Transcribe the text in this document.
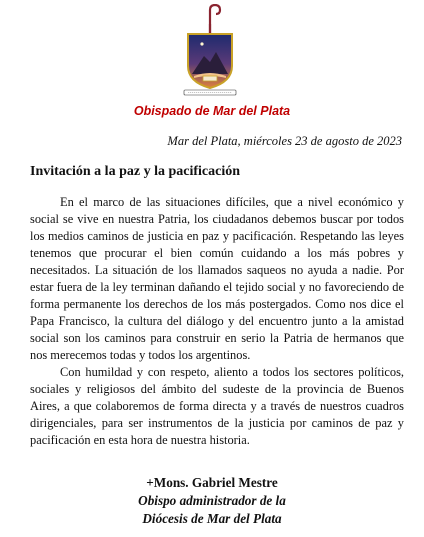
Obispado de Mar del Plata
Mar del Plata, miércoles 23 de agosto de 2023
Invitación a la paz y la pacificación

En el marco de las situaciones difíciles, que a nivel económico y social se vive en nuestra Patria, los ciudadanos debemos buscar por todos los medios caminos de justicia en paz y pacificación. Respetando las leyes tenemos que procurar el bien común cuidando a los más pobres y necesitados. La situación de los llamados saqueos no ayuda a nadie. Por estar fuera de la ley terminan dañando el tejido social y no favoreciendo de forma permanente los derechos de los más postergados. Como nos dice el Papa Francisco, la cultura del diálogo y del encuentro junto a la amistad social son los caminos para construir en serio la Patria de hermanos que nos merecemos todas y todos los argentinos.

Con humildad y con respeto, aliento a todos los sectores políticos, sociales y religiosos del ámbito del sudeste de la provincia de Buenos Aires, a que colaboremos de forma directa y a través de nuestros cuadros dirigenciales, para ser instrumentos de la justicia por caminos de paz y pacificación en esta hora de nuestra historia.

+Mons. Gabriel Mestre
Obispo administrador de la
Diócesis de Mar del Plata
